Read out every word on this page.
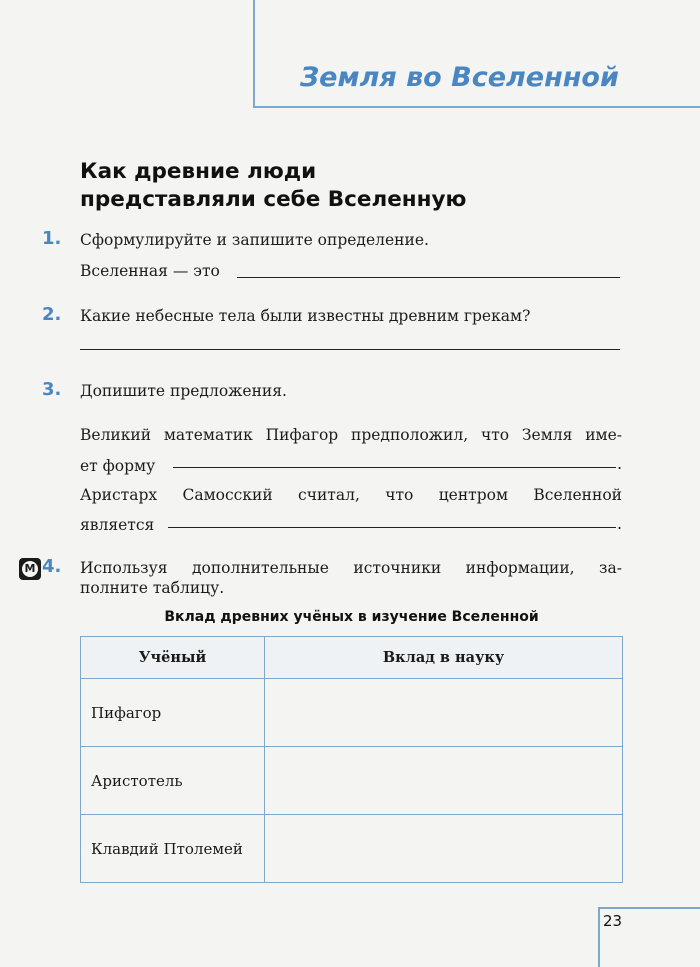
Земля во Вселенной
Как древние люди
представляли себе Вселенную
1.	Сформулируйте и запишите определение.
Вселенная — это
2.	Какие небесные тела были известны древним грекам?
3.	Допишите предложения.
Великий математик Пифагор предположил, что Земля име-
ет форму	.
Аристарх Самосский считал, что центром Вселенной
является	.
М 4.	Используя дополнительные источники информации, за-
полните таблицу.
Вклад древних учёных в изучение Вселенной
Учёный	Вклад в науку
Пифагор	
Аристотель	
Клавдий Птолемей	
23
